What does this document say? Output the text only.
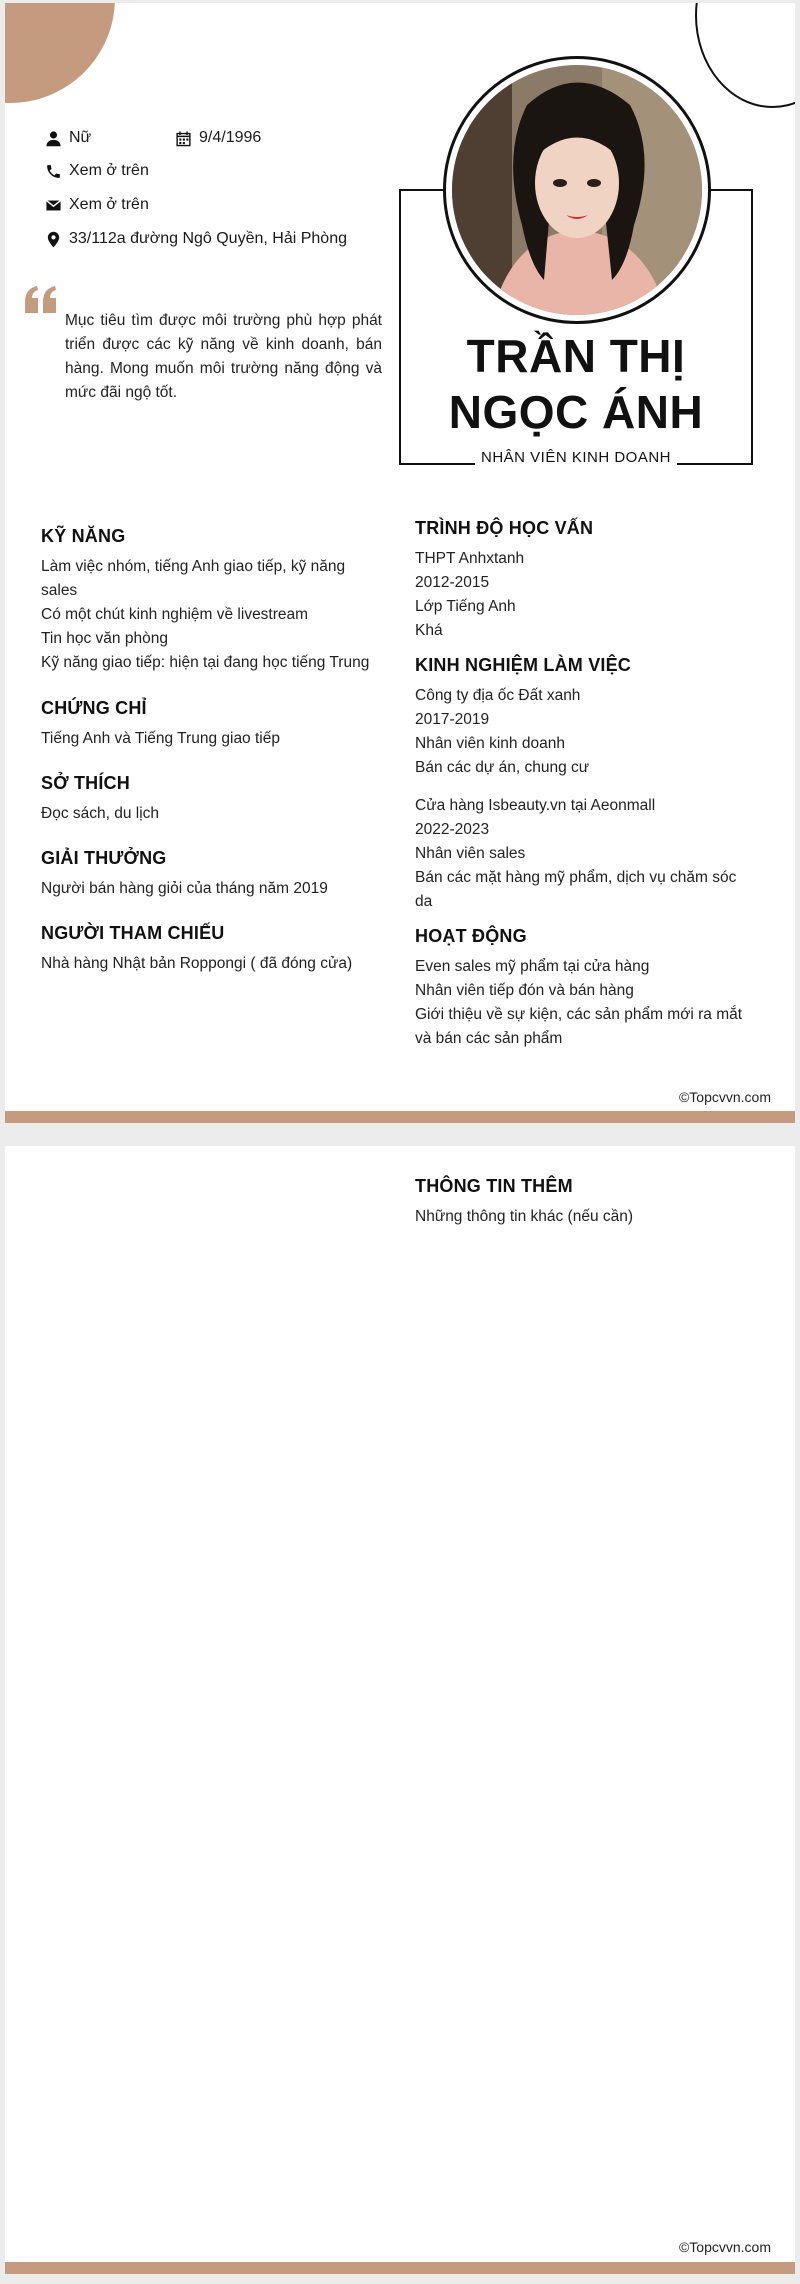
Nữ	9/4/1996
Xem ở trên
Xem ở trên
33/112a đường Ngô Quyền, Hải Phòng

Mục tiêu tìm được môi trường phù hợp phát triển được các kỹ năng về kinh doanh, bán hàng. Mong muốn môi trường năng động và mức đãi ngộ tốt.

TRẦN THỊ NGỌC ÁNH
NHÂN VIÊN KINH DOANH
KỸ NĂNG

Làm việc nhóm, tiếng Anh giao tiếp, kỹ năng sales

Có một chút kinh nghiệm về livestream

Tin học văn phòng

Kỹ năng giao tiếp: hiện tại đang học tiếng Trung

CHỨNG CHỈ

Tiếng Anh và Tiếng Trung giao tiếp

SỞ THÍCH

Đọc sách, du lịch

GIẢI THƯỞNG

Người bán hàng giỏi của tháng năm 2019

NGƯỜI THAM CHIẾU

Nhà hàng Nhật bản Roppongi ( đã đóng cửa)

TRÌNH ĐỘ HỌC VẤN

THPT Anhxtanh

2012-2015

Lớp Tiếng Anh

Khá

KINH NGHIỆM LÀM VIỆC

Công ty địa ốc Đất xanh

2017-2019

Nhân viên kinh doanh

Bán các dự án, chung cư

Cửa hàng Isbeauty.vn tại Aeonmall

2022-2023

Nhân viên sales

Bán các mặt hàng mỹ phẩm, dịch vụ chăm sóc da

HOẠT ĐỘNG

Even sales mỹ phẩm tại cửa hàng

Nhân viên tiếp đón và bán hàng

Giới thiệu về sự kiện, các sản phẩm mới ra mắt và bán các sản phẩm

©Topcvvn.com
THÔNG TIN THÊM

Những thông tin khác (nếu cần)

©Topcvvn.com
